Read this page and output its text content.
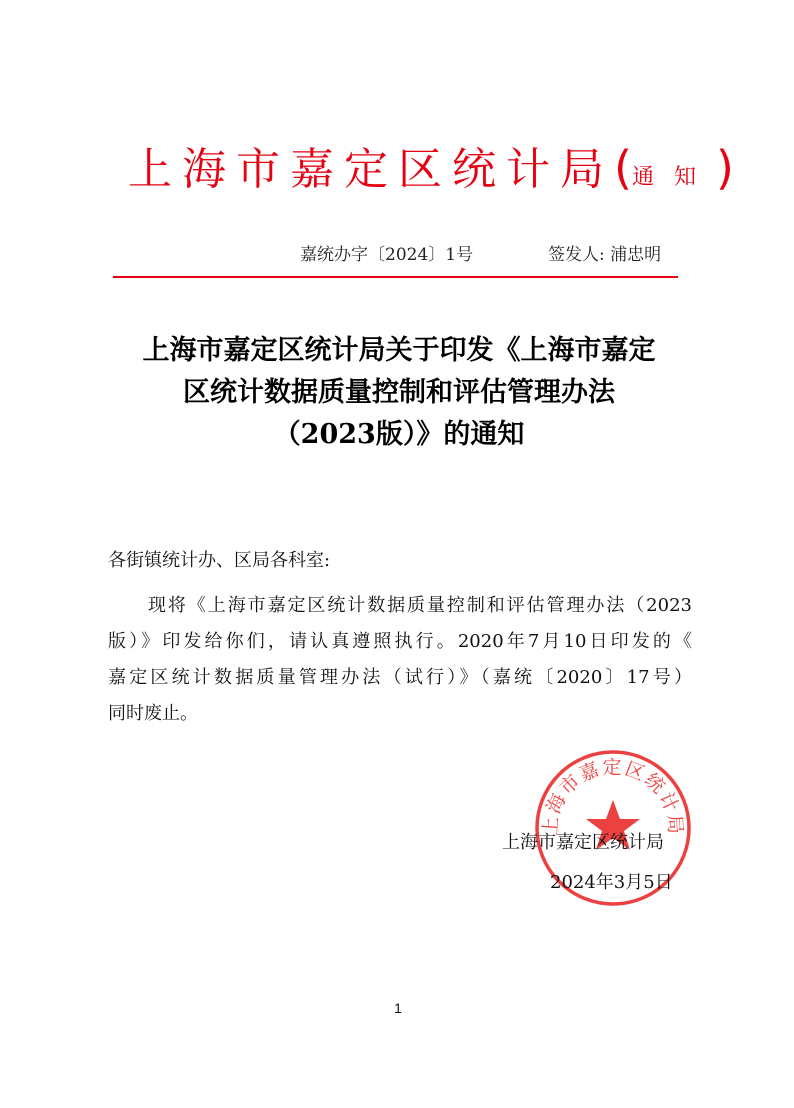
上海市嘉定区统计局(通知)
嘉统办字〔2024〕1号	签发人: 浦忠明
上海市嘉定区统计局关于印发《上海市嘉定
区统计数据质量控制和评估管理办法
（2023版）》的通知
各街镇统计办、区局各科室:
现将《上海市嘉定区统计数据质量控制和评估管理办法（2023
版）》印发给你们，请认真遵照执行。2020年7月10日印发的《
嘉定区统计数据质量管理办法（试行）》（嘉统〔2020〕17号）
同时废止。
上海市嘉定区统计局
上海市嘉定区统计局
2024年3月5日
1
